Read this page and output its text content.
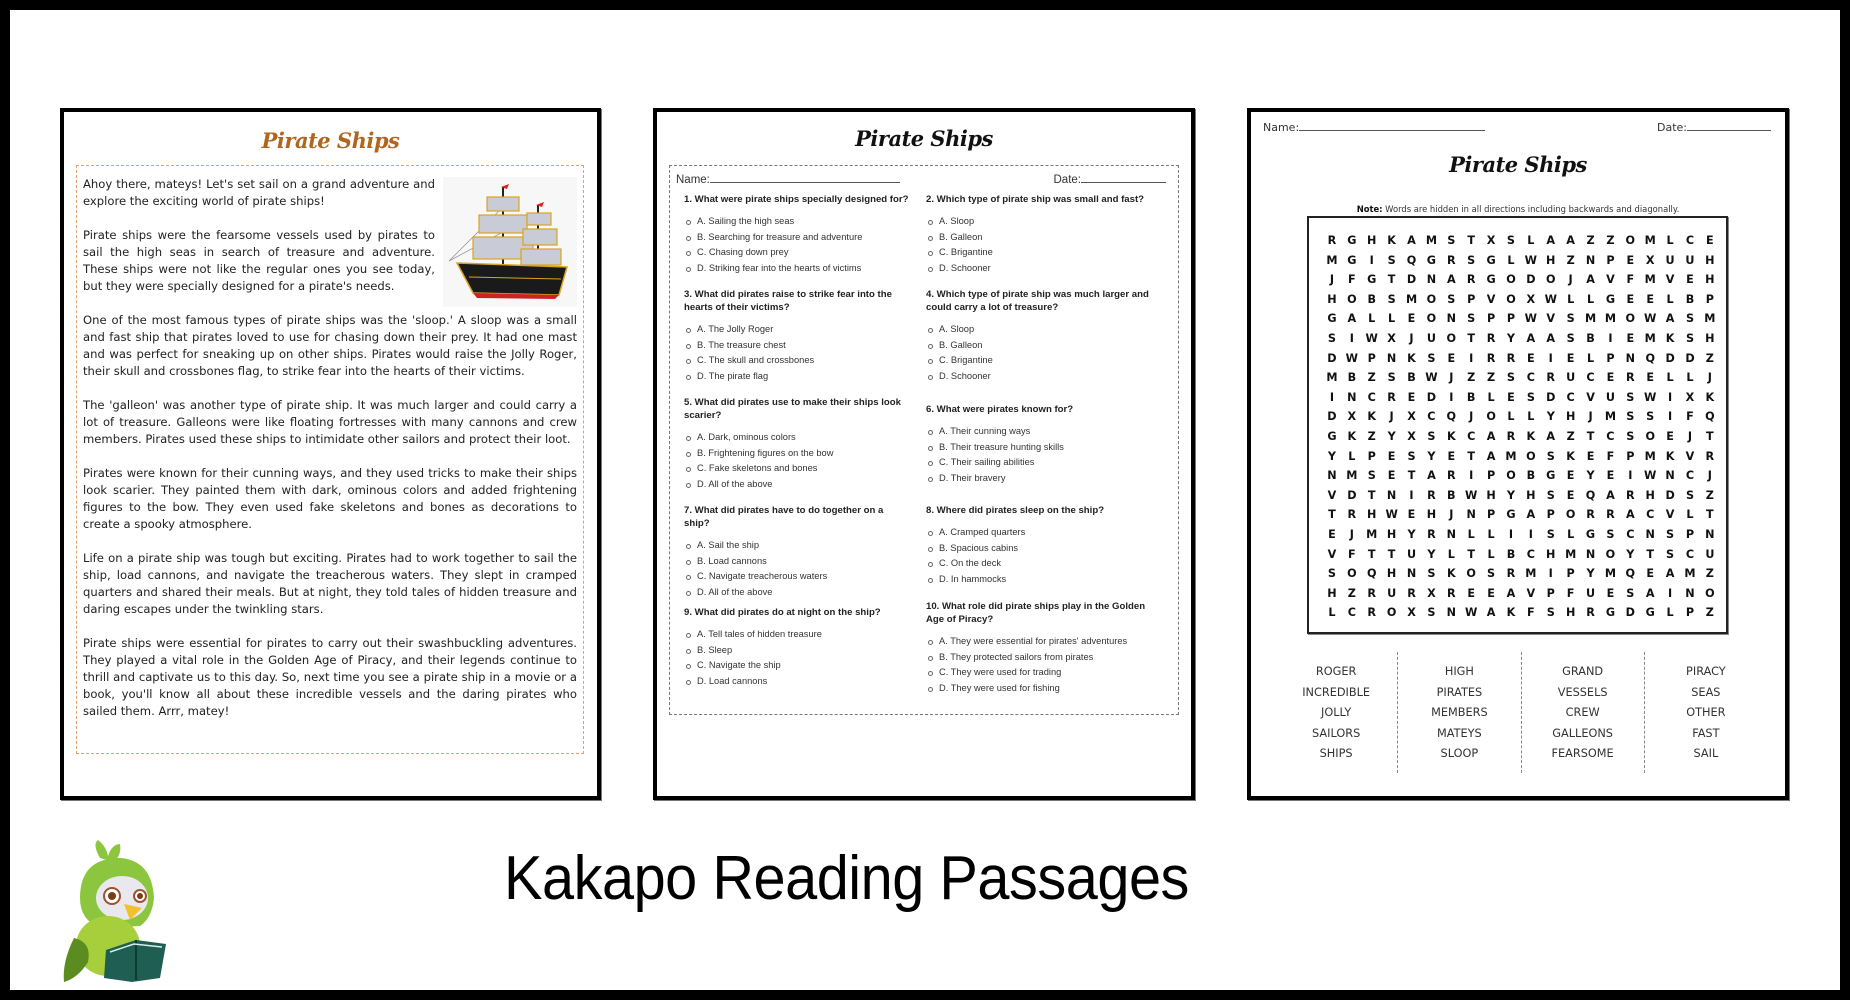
Pirate Ships

Ahoy there, mateys! Let's set sail on a grand adventure and explore the exciting world of pirate ships!

Pirate ships were the fearsome vessels used by pirates to sail the high seas in search of treasure and adventure. These ships were not like the regular ones you see today, but they were specially designed for a pirate's needs.

One of the most famous types of pirate ships was the 'sloop.' A sloop was a small and fast ship that pirates loved to use for chasing down their prey. It had one mast and was perfect for sneaking up on other ships. Pirates would raise the Jolly Roger, their skull and crossbones flag, to strike fear into the hearts of their victims.

The 'galleon' was another type of pirate ship. It was much larger and could carry a lot of treasure. Galleons were like floating fortresses with many cannons and crew members. Pirates used these ships to intimidate other sailors and protect their loot.

Pirates were known for their cunning ways, and they used tricks to make their ships look scarier. They painted them with dark, ominous colors and added frightening figures to the bow. They even used fake skeletons and bones as decorations to create a spooky atmosphere.

Life on a pirate ship was tough but exciting. Pirates had to work together to sail the ship, load cannons, and navigate the treacherous waters. They slept in cramped quarters and shared their meals. But at night, they told tales of hidden treasure and daring escapes under the twinkling stars.

Pirate ships were essential for pirates to carry out their swashbuckling adventures. They played a vital role in the Golden Age of Piracy, and their legends continue to thrill and captivate us to this day. So, next time you see a pirate ship in a movie or a book, you'll know all about these incredible vessels and the daring pirates who sailed them. Arrr, matey!

Pirate Ships
Name:	Date:
1. What were pirate ships specially designed for?
A. Sailing the high seas
B. Searching for treasure and adventure
C. Chasing down prey
D. Striking fear into the hearts of victims
2. Which type of pirate ship was small and fast?
A. Sloop
B. Galleon
C. Brigantine
D. Schooner
3. What did pirates raise to strike fear into the hearts of their victims?
A. The Jolly Roger
B. The treasure chest
C. The skull and crossbones
D. The pirate flag
4. Which type of pirate ship was much larger and could carry a lot of treasure?
A. Sloop
B. Galleon
C. Brigantine
D. Schooner
5. What did pirates use to make their ships look scarier?
A. Dark, ominous colors
B. Frightening figures on the bow
C. Fake skeletons and bones
D. All of the above
6. What were pirates known for?
A. Their cunning ways
B. Their treasure hunting skills
C. Their sailing abilities
D. Their bravery
7. What did pirates have to do together on a ship?
A. Sail the ship
B. Load cannons
C. Navigate treacherous waters
D. All of the above
8. Where did pirates sleep on the ship?
A. Cramped quarters
B. Spacious cabins
C. On the deck
D. In hammocks
9. What did pirates do at night on the ship?
A. Tell tales of hidden treasure
B. Sleep
C. Navigate the ship
D. Load cannons
10. What role did pirate ships play in the Golden Age of Piracy?
A. They were essential for pirates' adventures
B. They protected sailors from pirates
C. They were used for trading
D. They were used for fishing
Name:	Date:
Pirate Ships
Note: Words are hidden in all directions including backwards and diagonally.
R G H K	A M S	T	X	S	L	A	A	Z	Z O M L	C	E
M G	I	S Q G R	S	G	L W H Z N P	E	X U U H
J	F	G	T	D N A	R G O D O	J	A	V	F M V	E	H
H O B	S M O S	P	V O X W L	L	G	E	E	L	B	P
G A	L	L	E	O N S	P	P W V	S M M O W A	S M
S	I	W X	J	U O	T	R	Y	A	A	S	B	I	E M K	S H
D W P N K	S	E	I	R	R	E	I	E	L	P N Q D D Z
M B	Z	S	B W	J	Z	Z	S	C	R U	C	E	R	E	L	L	J
I	N C	R	E	D	I	B	L	E	S	D C	V U	S W	I	X	K
D X	K	J	X	C Q	J	O	L	L	Y H	J	M S	S	I	F	Q
G K	Z	Y	X	S	K	C	A	R	K	A	Z	T	C	S O	E	J	T
Y	L	P	E	S	Y	E	T	A M O S	K	E	F	P M K	V	R
N M S	E	T	A	R	I	P O B G	E	Y	E	I	W N C	J
V D	T	N	I	R	B W H Y H S	E	Q A	R H D	S	Z
T	R H W E	H	J	N P G A	P O R	R	A	C	V	L	T
E	J	M H Y	R N	L	L	I	I	S	L	G	S	C N S	P N
V	F	T	T	U	Y	L	T	L	B	C H M N O Y	T	S	C	U
S O Q H N S	K O S	R M	I	P	Y M Q	E	A M Z
H Z	R U R	X	R	E	E	A	V	P	F	U	E	S	A	I	N O
L	C	R O X	S N W A	K	F	S H R G D G	L	P	Z
ROGER
INCREDIBLE
JOLLY
SAILORS
SHIPS
HIGH
PIRATES
MEMBERS
MATEYS
SLOOP
GRAND
VESSELS
CREW
GALLEONS
FEARSOME
PIRACY
SEAS
OTHER
FAST
SAIL
Kakapo Reading Passages
